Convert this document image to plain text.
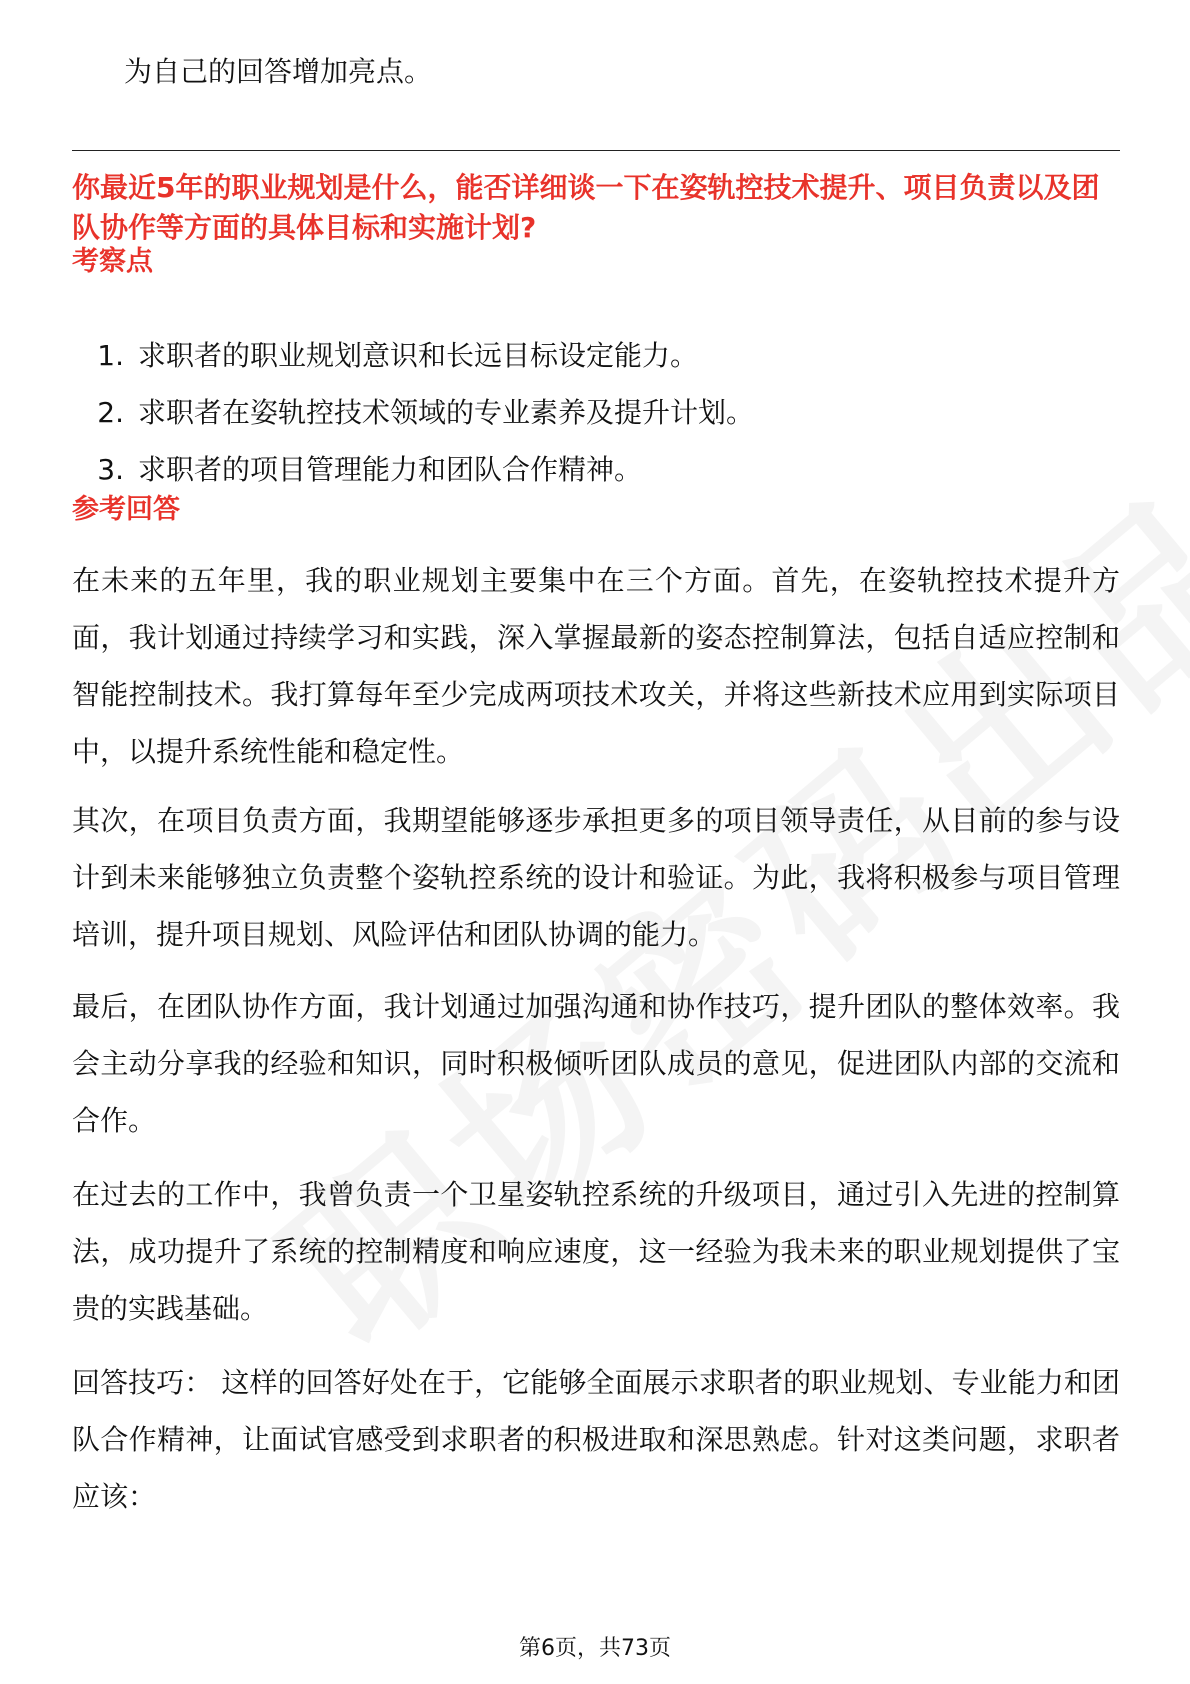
为自己的回答增加亮点。
你最近5年的职业规划是什么，能否详细谈一下在姿轨控技术提升、项目负责以及团队协作等方面的具体目标和实施计划?
考察点
1. 求职者的职业规划意识和长远目标设定能力。
2. 求职者在姿轨控技术领域的专业素养及提升计划。
3. 求职者的项目管理能力和团队合作精神。
参考回答

在未来的五年里，我的职业规划主要集中在三个方面。首先，在姿轨控技术提升方面，我计划通过持续学习和实践，深入掌握最新的姿态控制算法，包括自适应控制和智能控制技术。我打算每年至少完成两项技术攻关，并将这些新技术应用到实际项目中，以提升系统性能和稳定性。

其次，在项目负责方面，我期望能够逐步承担更多的项目领导责任，从目前的参与设计到未来能够独立负责整个姿轨控系统的设计和验证。为此，我将积极参与项目管理培训，提升项目规划、风险评估和团队协调的能力。

最后，在团队协作方面，我计划通过加强沟通和协作技巧，提升团队的整体效率。我会主动分享我的经验和知识，同时积极倾听团队成员的意见，促进团队内部的交流和合作。

在过去的工作中，我曾负责一个卫星姿轨控系统的升级项目，通过引入先进的控制算法，成功提升了系统的控制精度和响应速度，这一经验为我未来的职业规划提供了宝贵的实践基础。

回答技巧： 这样的回答好处在于，它能够全面展示求职者的职业规划、专业能力和团队合作精神，让面试官感受到求职者的积极进取和深思熟虑。针对这类问题，求职者应该：

第6页，共73页
